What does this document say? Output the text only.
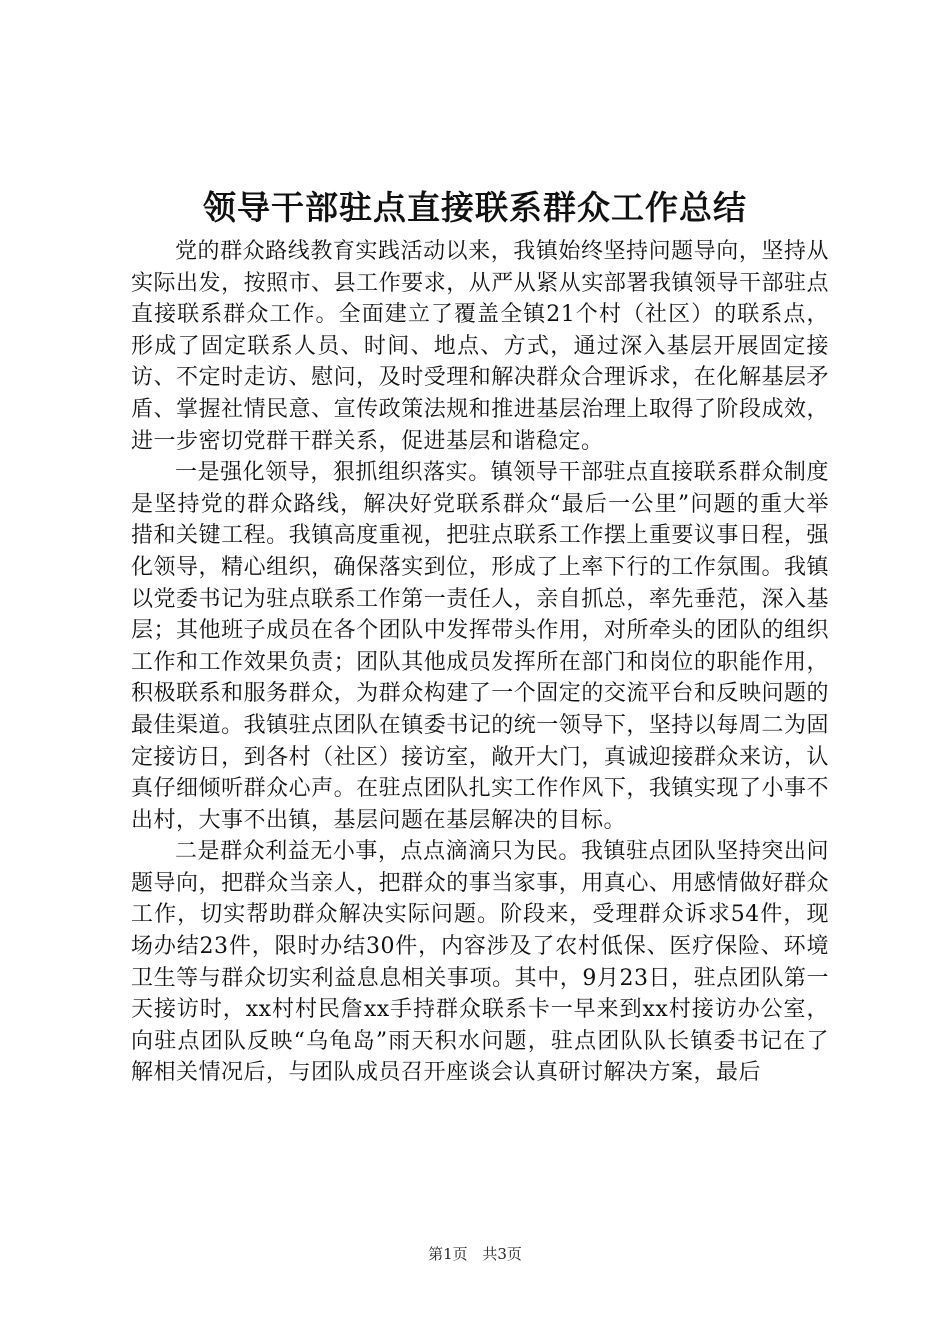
领导干部驻点直接联系群众工作总结

党的群众路线教育实践活动以来，我镇始终坚持问题导向，坚持从实际出发，按照市、县工作要求，从严从紧从实部署我镇领导干部驻点直接联系群众工作。全面建立了覆盖全镇21个村（社区）的联系点，形成了固定联系人员、时间、地点、方式，通过深入基层开展固定接访、不定时走访、慰问，及时受理和解决群众合理诉求，在化解基层矛盾、掌握社情民意、宣传政策法规和推进基层治理上取得了阶段成效，进一步密切党群干群关系，促进基层和谐稳定。

一是强化领导，狠抓组织落实。镇领导干部驻点直接联系群众制度是坚持党的群众路线，解决好党联系群众“最后一公里”问题的重大举措和关键工程。我镇高度重视，把驻点联系工作摆上重要议事日程，强化领导，精心组织，确保落实到位，形成了上率下行的工作氛围。我镇以党委书记为驻点联系工作第一责任人，亲自抓总，率先垂范，深入基层；其他班子成员在各个团队中发挥带头作用，对所牵头的团队的组织工作和工作效果负责；团队其他成员发挥所在部门和岗位的职能作用，积极联系和服务群众，为群众构建了一个固定的交流平台和反映问题的最佳渠道。我镇驻点团队在镇委书记的统一领导下，坚持以每周二为固定接访日，到各村（社区）接访室，敞开大门，真诚迎接群众来访，认真仔细倾听群众心声。在驻点团队扎实工作作风下，我镇实现了小事不出村，大事不出镇，基层问题在基层解决的目标。

二是群众利益无小事，点点滴滴只为民。我镇驻点团队坚持突出问题导向，把群众当亲人，把群众的事当家事，用真心、用感情做好群众工作，切实帮助群众解决实际问题。阶段来，受理群众诉求54件，现场办结23件，限时办结30件，内容涉及了农村低保、医疗保险、环境卫生等与群众切实利益息息相关事项。其中，9月23日，驻点团队第一天接访时，xx村村民詹xx手持群众联系卡一早来到xx村接访办公室，向驻点团队反映“乌龟岛”雨天积水问题，驻点团队队长镇委书记在了解相关情况后，与团队成员召开座谈会认真研讨解决方案，最后

第1页 共3页
